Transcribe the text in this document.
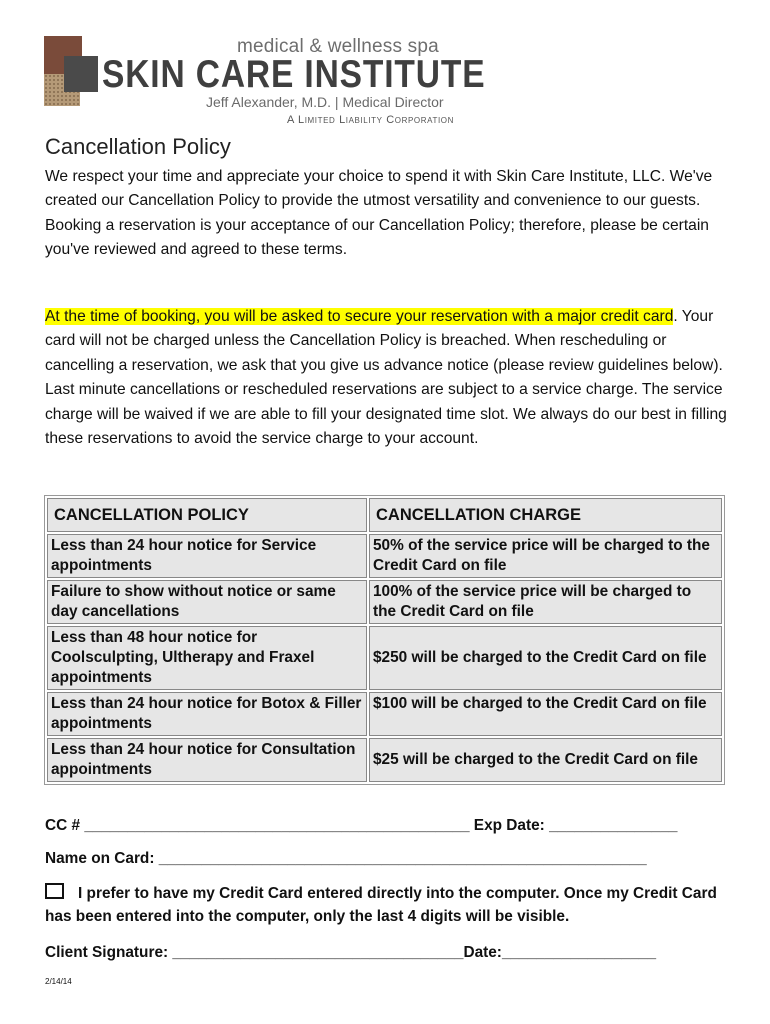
medical & wellness spa
SKIN CARE INSTITUTE
Jeff Alexander, M.D. | Medical Director
A Limited Liability Corporation
Cancellation Policy

We respect your time and appreciate your choice to spend it with Skin Care Institute, LLC. We've created our Cancellation Policy to provide the utmost versatility and convenience to our guests. Booking a reservation is your acceptance of our Cancellation Policy; therefore, please be certain you've reviewed and agreed to these terms.

At the time of booking, you will be asked to secure your reservation with a major credit card. Your card will not be charged unless the Cancellation Policy is breached. When rescheduling or cancelling a reservation, we ask that you give us advance notice (please review guidelines below). Last minute cancellations or rescheduled reservations are subject to a service charge. The service charge will be waived if we are able to fill your designated time slot. We always do our best in filling these reservations to avoid the service charge to your account.

CANCELLATION POLICY	CANCELLATION CHARGE
Less than 24 hour notice for Service appointments	50% of the service price will be charged to the Credit Card on file
Failure to show without notice or same day cancellations	100% of the service price will be charged to the Credit Card on file
Less than 48 hour notice for Coolsculpting, Ultherapy and Fraxel appointments	$250 will be charged to the Credit Card on file
Less than 24 hour notice for Botox & Filler appointments	$100 will be charged to the Credit Card on file
Less than 24 hour notice for Consultation appointments	$25 will be charged to the Credit Card on file
CC # _____________________________________________ Exp Date: _______________
Name on Card: _________________________________________________________
I prefer to have my Credit Card entered directly into the computer. Once my Credit Card
has been entered into the computer, only the last 4 digits will be visible.
Client Signature: __________________________________Date:__________________
2/14/14
